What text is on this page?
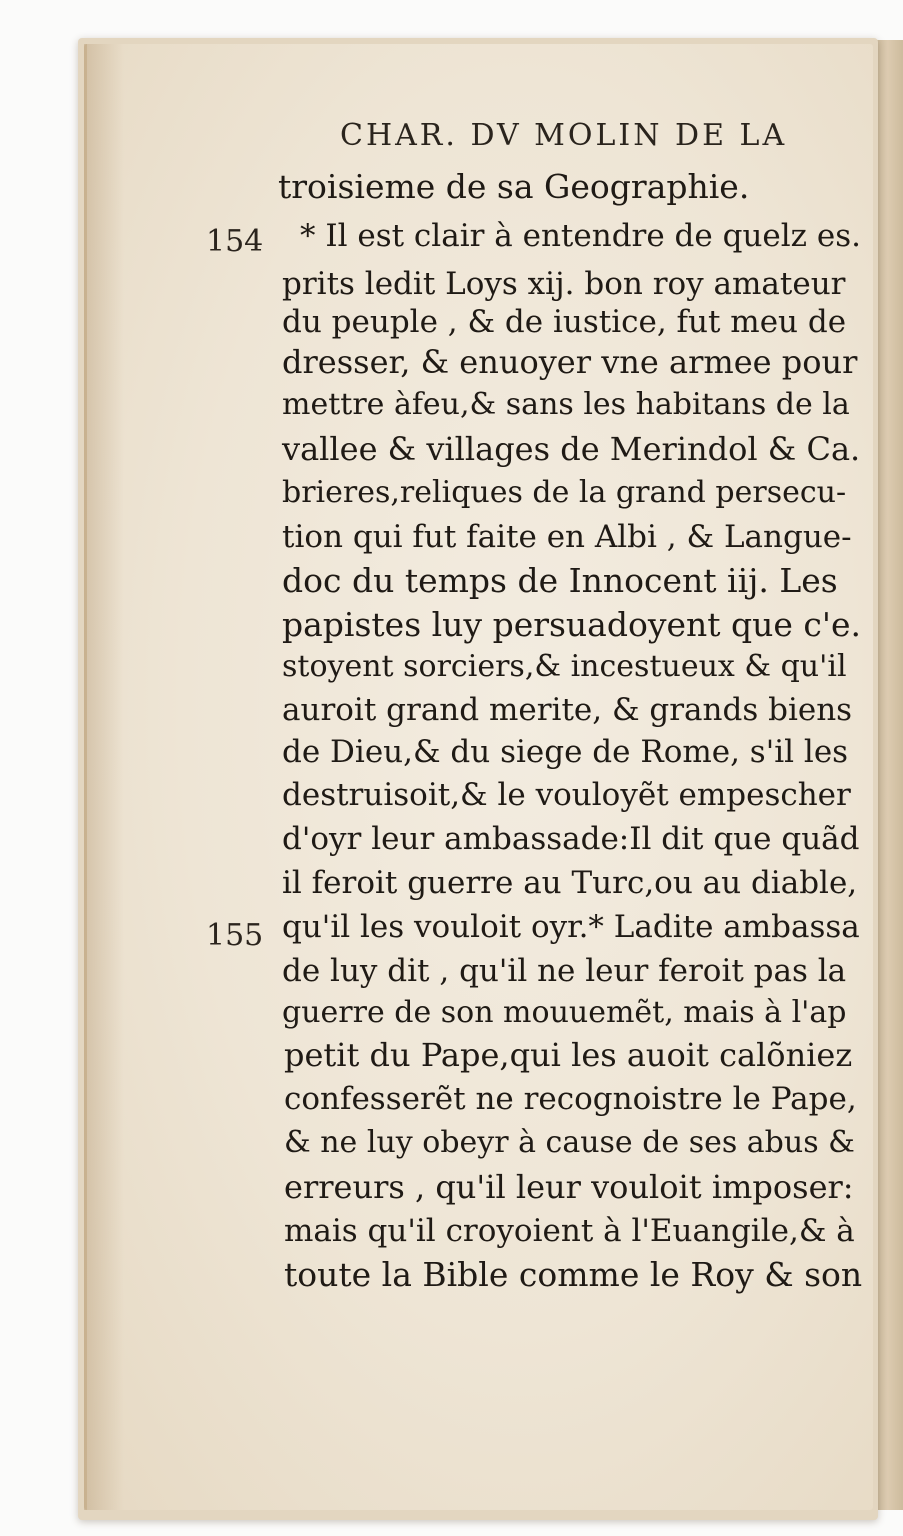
CHAR. DV MOLIN DE LA
154
155
troisieme de sa Geographie.
* Il est clair à entendre de quelz es.
prits ledit Loys xij. bon roy amateur
du peuple , & de iustice, fut meu de
dresser, & enuoyer vne armee pour
mettre àfeu,& sans les habitans de la
vallee & villages de Merindol & Ca.
brieres,reliques de la grand persecu-
tion qui fut faite en Albi , & Langue-
doc du temps de Innocent iij. Les
papistes luy persuadoyent que c'e.
stoyent sorciers,& incestueux & qu'il
auroit grand merite, & grands biens
de Dieu,& du siege de Rome, s'il les
destruisoit,& le vouloyẽt empescher
d'oyr leur ambassade:Il dit que quãd
il feroit guerre au Turc,ou au diable,
qu'il les vouloit oyr.* Ladite ambassa
de luy dit , qu'il ne leur feroit pas la
guerre de son mouuemẽt, mais à l'ap
petit du Pape,qui les auoit calõniez
confesserẽt ne recognoistre le Pape,
& ne luy obeyr à cause de ses abus &
erreurs , qu'il leur vouloit imposer:
mais qu'il croyoient à l'Euangile,& à
toute la Bible comme le Roy & son
